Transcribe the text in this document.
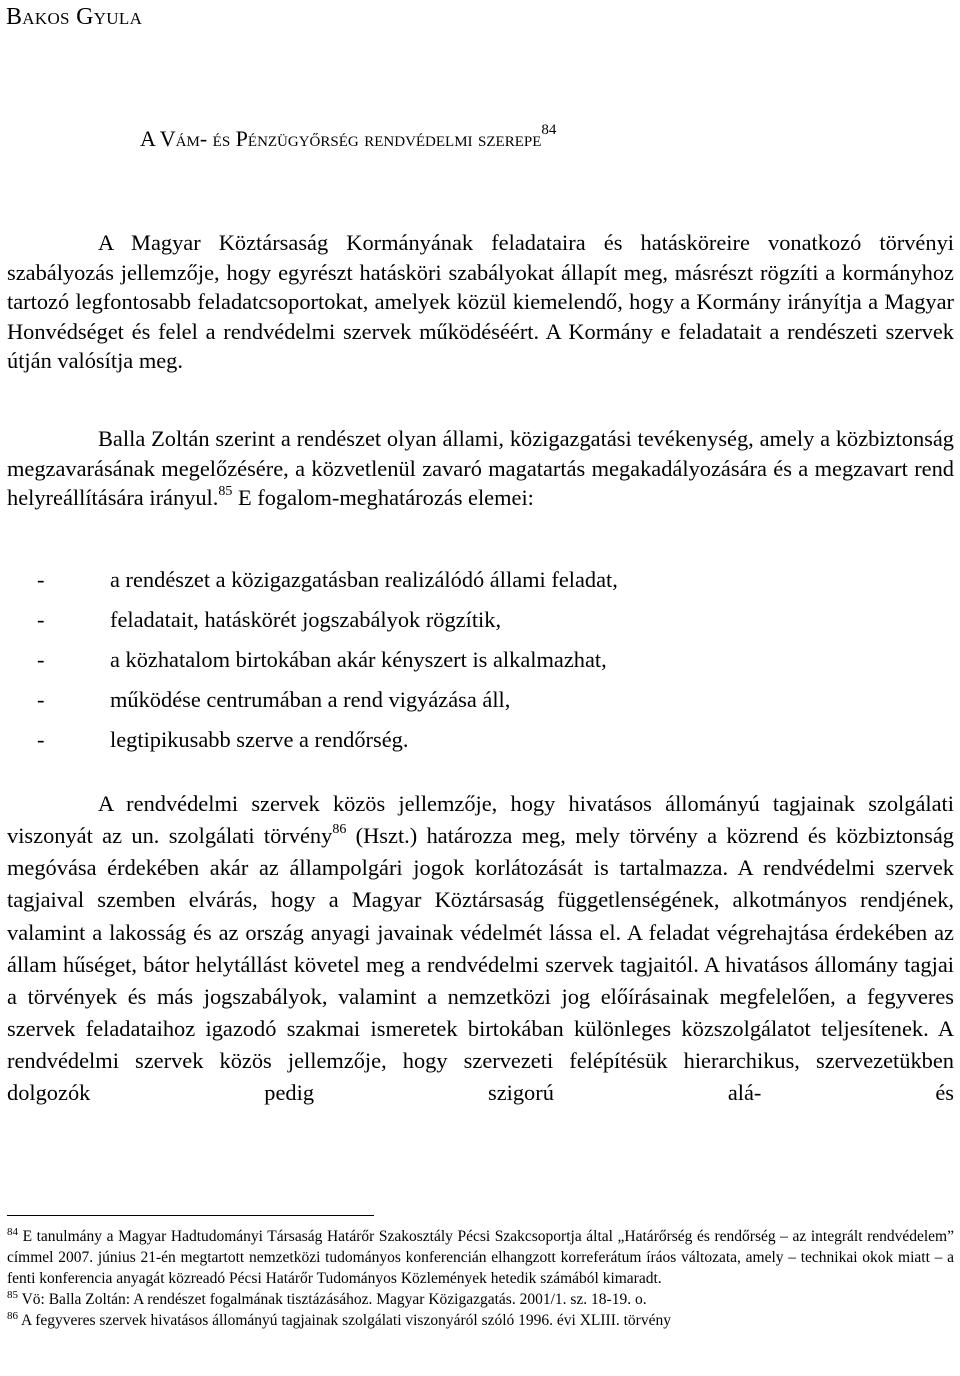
Bakos Gyula
A Vám- és Pénzügyőrség rendvédelmi szerepe$^{84}$

A Magyar Köztársaság Kormányának feladataira és hatásköreire vonatkozó törvényi szabályozás jellemzője, hogy egyrészt hatásköri szabályokat állapít meg, másrészt rögzíti a kormányhoz tartozó legfontosabb feladatcsoportokat, amelyek közül kiemelendő, hogy a Kormány irányítja a Magyar Honvédséget és felel a rendvédelmi szervek működéséért. A Kormány e feladatait a rendészeti szervek útján valósítja meg.

Balla Zoltán szerint a rendészet olyan állami, közigazgatási tevékenység, amely a közbiztonság megzavarásának megelőzésére, a közvetlenül zavaró magatartás megakadályozására és a megzavart rend helyreállítására irányul.$^{85}$ E fogalom-meghatározás elemei:

-	a rendészet a közigazgatásban realizálódó állami feladat,
-	feladatait, hatáskörét jogszabályok rögzítik,
-	a közhatalom birtokában akár kényszert is alkalmazhat,
-	működése centrumában a rend vigyázása áll,
-	legtipikusabb szerve a rendőrség.

A rendvédelmi szervek közös jellemzője, hogy hivatásos állományú tagjainak szolgálati viszonyát az un. szolgálati törvény$^{86}$ (Hszt.) határozza meg, mely törvény a közrend és közbiztonság megóvása érdekében akár az állampolgári jogok korlátozását is tartalmazza. A rendvédelmi szervek tagjaival szemben elvárás, hogy a Magyar Köztársaság függetlenségének, alkotmányos rendjének, valamint a lakosság és az ország anyagi javainak védelmét lássa el. A feladat végrehajtása érdekében az állam hűséget, bátor helytállást követel meg a rendvédelmi szervek tagjaitól. A hivatásos állomány tagjai a törvények és más jogszabályok, valamint a nemzetközi jog előírásainak megfelelően, a fegyveres szervek feladataihoz igazodó szakmai ismeretek birtokában különleges közszolgálatot teljesítenek. A rendvédelmi szervek közös jellemzője, hogy szervezeti felépítésük hierarchikus, szervezetükben dolgozók pedig szigorú alá- és

$^{84}$ E tanulmány a Magyar Hadtudományi Társaság Határőr Szakosztály Pécsi Szakcsoportja által „Határőrség és rendőrség – az integrált rendvédelem” címmel 2007. június 21-én megtartott nemzetközi tudományos konferencián elhangzott korreferátum íráos változata, amely – technikai okok miatt – a fenti konferencia anyagát közreadó Pécsi Határőr Tudományos Közlemények hetedik számából kimaradt.

$^{85}$ Vö: Balla Zoltán: A rendészet fogalmának tisztázásához. Magyar Közigazgatás. 2001/1. sz. 18-19. o.

$^{86}$ A fegyveres szervek hivatásos állományú tagjainak szolgálati viszonyáról szóló 1996. évi XLIII. törvény
